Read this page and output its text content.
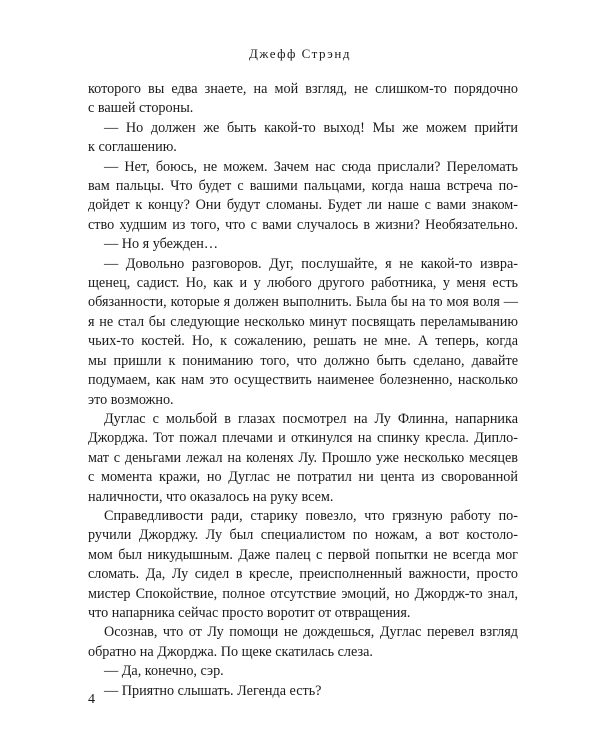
Джефф Стрэнд
которого вы едва знаете, на мой взгляд, не слишком-то порядочно
с вашей стороны.
— Но должен же быть какой-то выход! Мы же можем прийти
к соглашению.
— Нет, боюсь, не можем. Зачем нас сюда прислали? Переломать
вам пальцы. Что будет с вашими пальцами, когда наша встреча по-
дойдет к концу? Они будут сломаны. Будет ли наше с вами знаком-
ство худшим из того, что с вами случалось в жизни? Необязательно.
— Но я убежден…
— Довольно разговоров. Дуг, послушайте, я не какой-то извра-
щенец, садист. Но, как и у любого другого работника, у меня есть
обязанности, которые я должен выполнить. Была бы на то моя воля —
я не стал бы следующие несколько минут посвящать переламыванию
чьих-то костей. Но, к сожалению, решать не мне. А теперь, когда
мы пришли к пониманию того, что должно быть сделано, давайте
подумаем, как нам это осуществить наименее болезненно, насколько
это возможно.
Дуглас с мольбой в глазах посмотрел на Лу Флинна, напарника
Джорджа. Тот пожал плечами и откинулся на спинку кресла. Дипло-
мат с деньгами лежал на коленях Лу. Прошло уже несколько месяцев
с момента кражи, но Дуглас не потратил ни цента из сворованной
наличности, что оказалось на руку всем.
Справедливости ради, старику повезло, что грязную работу по-
ручили Джорджу. Лу был специалистом по ножам, а вот костоло-
мом был никудышным. Даже палец с первой попытки не всегда мог
сломать. Да, Лу сидел в кресле, преисполненный важности, просто
мистер Спокойствие, полное отсутствие эмоций, но Джордж-то знал,
что напарника сейчас просто воротит от отвращения.
Осознав, что от Лу помощи не дождешься, Дуглас перевел взгляд
обратно на Джорджа. По щеке скатилась слеза.
— Да, конечно, сэр.
— Приятно слышать. Легенда есть?
4
